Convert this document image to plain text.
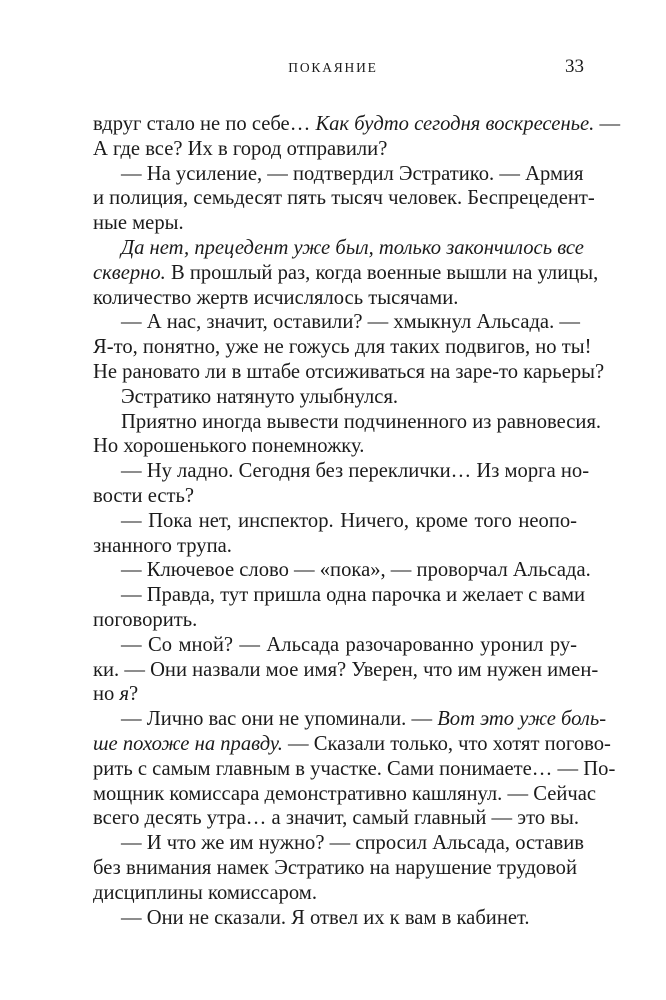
ПОКАЯНИЕ	33
вдруг стало не по себе… Как будто сегодня воскресенье. —
А где все? Их в город отправили?
— На усиление, — подтвердил Эстратико. — Армия
и полиция, семьдесят пять тысяч человек. Беспрецедент-
ные меры.
Да нет, прецедент уже был, только закончилось все
скверно. В прошлый раз, когда военные вышли на улицы,
количество жертв исчислялось тысячами.
— А нас, значит, оставили? — хмыкнул Альсада. —
Я-то, понятно, уже не гожусь для таких подвигов, но ты!
Не рановато ли в штабе отсиживаться на заре-то карьеры?
Эстратико натянуто улыбнулся.
Приятно иногда вывести подчиненного из равновесия.
Но хорошенького понемножку.
— Ну ладно. Сегодня без переклички… Из морга но-
вости есть?
— Пока нет, инспектор. Ничего, кроме того неопо-
знанного трупа.
— Ключевое слово — «пока», — проворчал Альсада.
— Правда, тут пришла одна парочка и желает с вами
поговорить.
— Со мной? — Альсада разочарованно уронил ру-
ки. — Они назвали мое имя? Уверен, что им нужен имен-
но я?
— Лично вас они не упоминали. — Вот это уже боль-
ше похоже на правду. — Сказали только, что хотят погово-
рить с самым главным в участке. Сами понимаете… — По-
мощник комиссара демонстративно кашлянул. — Сейчас
всего десять утра… а значит, самый главный — это вы.
— И что же им нужно? — спросил Альсада, оставив
без внимания намек Эстратико на нарушение трудовой
дисциплины комиссаром.
— Они не сказали. Я отвел их к вам в кабинет.
